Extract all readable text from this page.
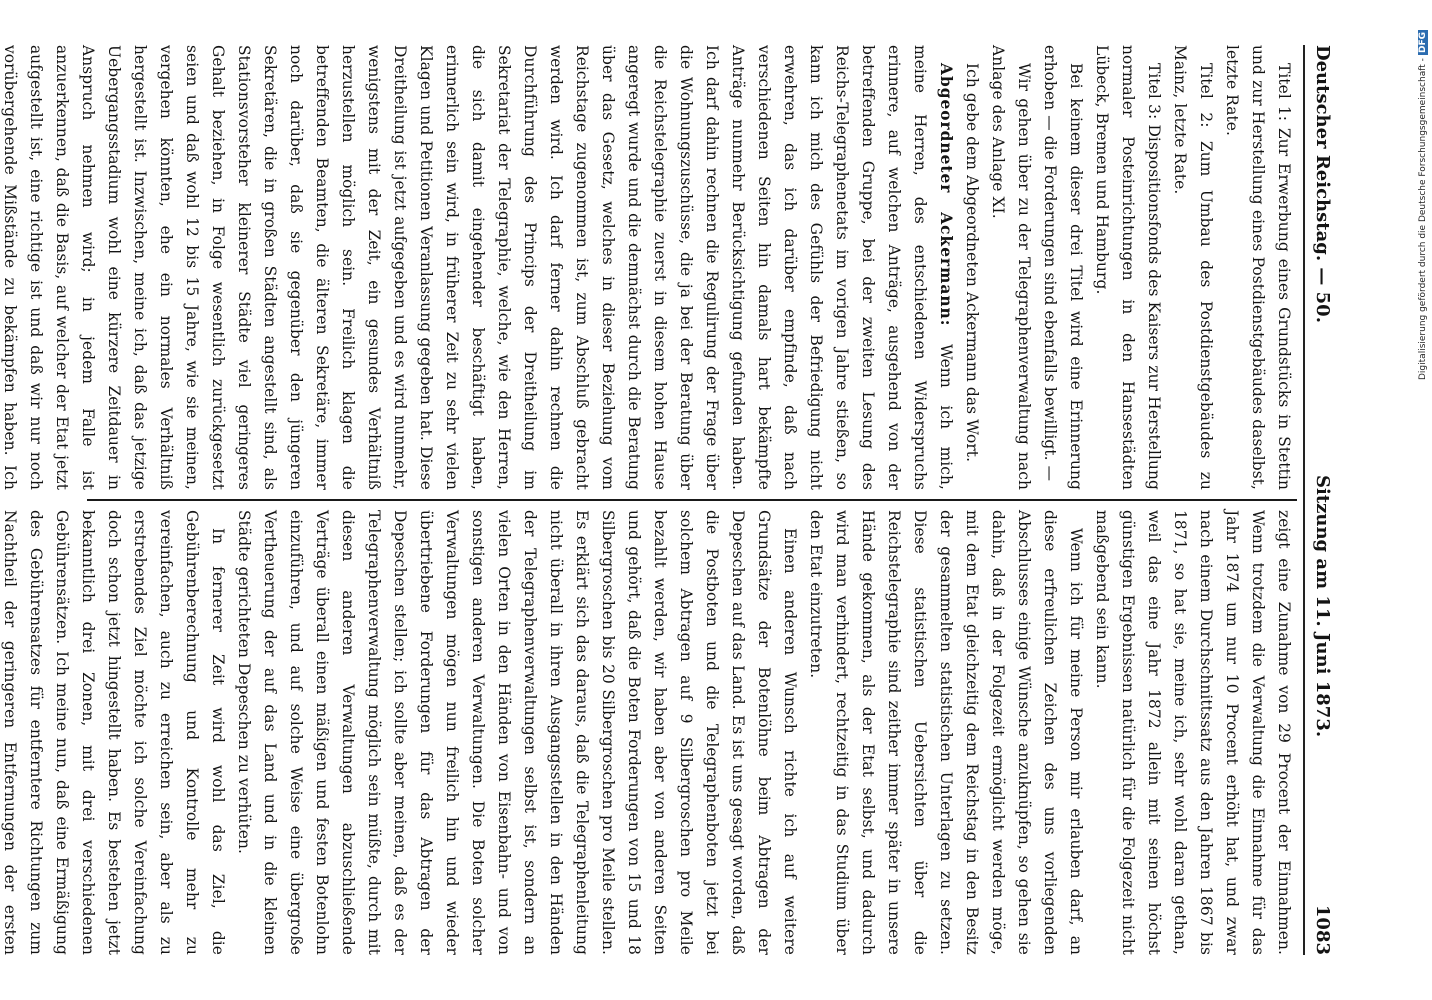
Deutscher Reichstag. — 50.
Sitzung am 11. Juni 1873.
1083

Titel 1: Zur Erwerbung eines Grundstücks in Stettin und zur Herstellung eines Postdienstgebäudes daselbst, letzte Rate.

Titel 2: Zum Umbau des Postdienstgebäudes zu Mainz, letzte Rate.

Titel 3: Dispositionsfonds des Kaisers zur Herstellung normaler Posteinrichtungen in den Hansestädten Lübeck, Bremen und Hamburg.

Bei keinem dieser drei Titel wird eine Erinnerung erhoben — die Forderungen sind ebenfalls bewilligt. —

Wir gehen über zu der Telegraphenverwaltung nach Anlage des Anlage XI.

Ich gebe dem Abgeordneten Ackermann das Wort.

Abgeordneter Ackermann: Wenn ich mich, meine Herren, des entschiedenen Widerspruchs erinnere, auf welchen Anträge, ausgehend von der betreffenden Gruppe, bei der zweiten Lesung des Reichs-Telegraphenetats im vorigen Jahre stießen, so kann ich mich des Gefühls der Befriedigung nicht erwehren, das ich darüber empfinde, daß nach verschiedenen Seiten hin damals hart bekämpfte Anträge nunmehr Berücksichtigung gefunden haben. Ich darf dahin rechnen die Regulirung der Frage über die Wohnungszuschüsse, die ja bei der Beratung über die Reichstelegraphie zuerst in diesem hohen Hause angeregt wurde und die demnächst durch die Beratung über das Gesetz, welches in dieser Beziehung vom Reichstage zugenommen ist, zum Abschluß gebracht werden wird. Ich darf ferner dahin rechnen die Durchführung des Princips der Dreitheilung im Sekretariat der Telegraphie, welche, wie den Herren, die sich damit eingehender beschäftigt haben, erinnerlich sein wird, in früherer Zeit zu sehr vielen Klagen und Petitionen Veranlassung gegeben hat. Diese Dreitheilung ist jetzt aufgegeben und es wird nunmehr, wenigstens mit der Zeit, ein gesundes Verhältniß herzustellen möglich sein. Freilich klagen die betreffenden Beamten, die älteren Sekretäre, immer noch darüber, daß sie gegenüber den jüngeren Sekretären, die in großen Städten angestellt sind, als Stationsvorsteher kleinerer Städte viel geringeres Gehalt beziehen, in Folge wesentlich zurückgesetzt seien und daß wohl 12 bis 15 Jahre, wie sie meinen, vergehen könnten, ehe ein normales Verhältniß hergestellt ist. Inzwischen, meine ich, daß das jetzige Uebergangsstadium wohl eine kürzere Zeitdauer in Anspruch nehmen wird; in jedem Falle ist anzuerkennen, daß die Basis, auf welcher der Etat jetzt aufgestellt ist, eine richtige ist und daß wir nur noch vorübergehende Mißstände zu bekämpfen haben. Ich

zeigt eine Zunahme von 29 Procent der Einnahmen. Wenn trotzdem die Verwaltung die Einnahme für das Jahr 1874 um nur 10 Procent erhöht hat, und zwar nach einem Durchschnittssatz aus den Jahren 1867 bis 1871, so hat sie, meine ich, sehr wohl daran gethan, weil das eine Jahr 1872 allein mit seinen höchst günstigen Ergebnissen natürlich für die Folgezeit nicht maßgebend sein kann.

Wenn ich für meine Person mir erlauben darf, an diese erfreulichen Zeichen des uns vorliegenden Abschlusses einige Wünsche anzuknüpfen, so gehen sie dahin, daß in der Folgezeit ermöglicht werden möge, mit dem Etat gleichzeitig dem Reichstag in den Besitz der gesammelten statistischen Unterlagen zu setzen. Diese statistischen Uebersichten über die Reichstelegraphie sind zeither immer später in unsere Hände gekommen, als der Etat selbst, und dadurch wird man verhindert, rechtzeitig in das Studium über den Etat einzutreten.

Einen anderen Wunsch richte ich auf weitere Grundsätze der Botenlöhne beim Abtragen der Depeschen auf das Land. Es ist uns gesagt worden, daß die Postboten und die Telegraphenboten jetzt bei solchem Abtragen auf 9 Silbergroschen pro Meile bezahlt werden, wir haben aber von anderen Seiten und gehört, daß die Boten Forderungen von 15 und 18 Silbergroschen bis 20 Silbergroschen pro Meile stellen. Es erklärt sich das daraus, daß die Telegraphenleitung nicht überall in ihren Ausgangsstellen in den Händen der Telegraphenverwaltungen selbst ist, sondern an vielen Orten in den Händen von Eisenbahn- und von sonstigen anderen Verwaltungen. Die Boten solcher Verwaltungen mögen nun freilich hin und wieder übertriebene Forderungen für das Abtragen der Depeschen stellen; ich sollte aber meinen, daß es der Telegraphenverwaltung möglich sein müßte, durch mit diesen anderen Verwaltungen abzuschließende Verträge überall einen mäßigen und festen Botenlohn einzuführen, und auf solche Weise eine übergroße Vertheuerung der auf das Land und in die kleinen Städte gerichteten Depeschen zu verhüten.

In fernerer Zeit wird wohl das Ziel, die Gebührenberechnung und Kontrolle mehr zu vereinfachen, auch zu erreichen sein, aber als zu erstrebendes Ziel möchte ich solche Vereinfachung doch schon jetzt hingestellt haben. Es bestehen jetzt bekanntlich drei Zonen, mit drei verschiedenen Gebührensätzen. Ich meine nun, daß eine Ermäßigung des Gebührensatzes für entferntere Richtungen zum Nachtheil der geringeren Entfernungen der ersten

Digitalisierung gefördert durch die Deutsche Forschungsgemeinschaft - DFG
